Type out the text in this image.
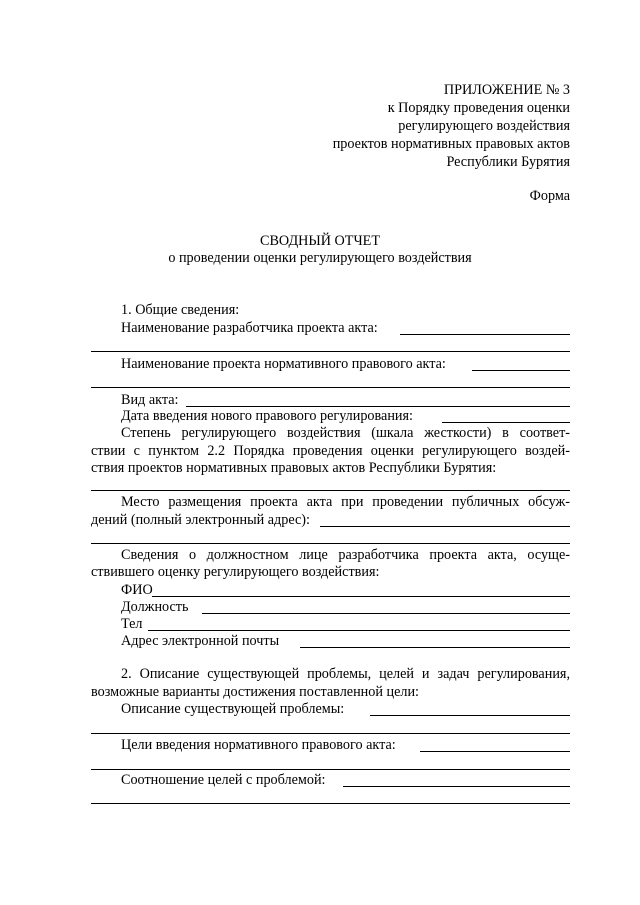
ПРИЛОЖЕНИЕ № 3
к Порядку проведения оценки
регулирующего воздействия
проектов нормативных правовых актов
Республики Бурятия
Форма
СВОДНЫЙ ОТЧЕТ
о проведении оценки регулирующего воздействия
1. Общие сведения:
Наименование разработчика проекта акта:
Наименование проекта нормативного правового акта:
Вид акта:
Дата введения нового правового регулирования:
Степень регулирующего воздействия (шкала жесткости) в соответ-
ствии с пунктом 2.2 Порядка проведения оценки регулирующего воздей-
ствия проектов нормативных правовых актов Республики Бурятия:
Место размещения проекта акта при проведении публичных обсуж-
дений (полный электронный адрес):
Сведения о должностном лице разработчика проекта акта, осуще-
ствившего оценку регулирующего воздействия:
ФИО
Должность
Тел
Адрес электронной почты
2. Описание существующей проблемы, целей и задач регулирования,
возможные варианты достижения поставленной цели:
Описание существующей проблемы:
Цели введения нормативного правового акта:
Соотношение целей с проблемой:
